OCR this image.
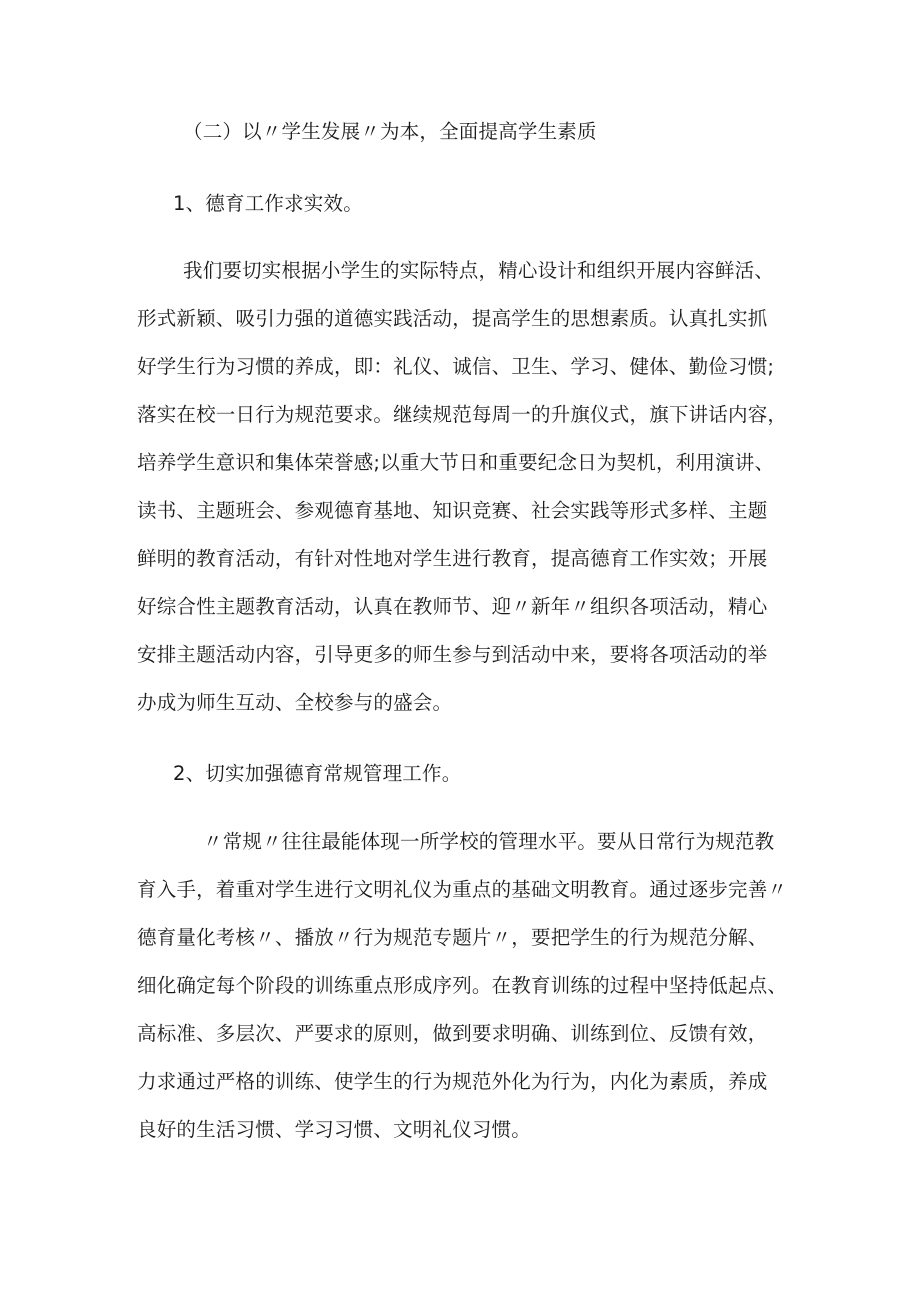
（二）以〃学生发展〃为本，全面提高学生素质
1、德育工作求实效。
我们要切实根据小学生的实际特点，精心设计和组织开展内容鲜活、
形式新颖、吸引力强的道德实践活动，提高学生的思想素质。认真扎实抓
好学生行为习惯的养成，即：礼仪、诚信、卫生、学习、健体、勤俭习惯;
落实在校一日行为规范要求。继续规范每周一的升旗仪式，旗下讲话内容，
培养学生意识和集体荣誉感;以重大节日和重要纪念日为契机，利用演讲、
读书、主题班会、参观德育基地、知识竞赛、社会实践等形式多样、主题
鲜明的教育活动，有针对性地对学生进行教育，提高德育工作实效；开展
好综合性主题教育活动，认真在教师节、迎〃新年〃组织各项活动，精心
安排主题活动内容，引导更多的师生参与到活动中来，要将各项活动的举
办成为师生互动、全校参与的盛会。
2、切实加强德育常规管理工作。
〃常规〃往往最能体现一所学校的管理水平。要从日常行为规范教
育入手，着重对学生进行文明礼仪为重点的基础文明教育。通过逐步完善〃
德育量化考核〃、播放〃行为规范专题片〃，要把学生的行为规范分解、
细化确定每个阶段的训练重点形成序列。在教育训练的过程中坚持低起点、
高标准、多层次、严要求的原则，做到要求明确、训练到位、反馈有效，
力求通过严格的训练、使学生的行为规范外化为行为，内化为素质，养成
良好的生活习惯、学习习惯、文明礼仪习惯。
